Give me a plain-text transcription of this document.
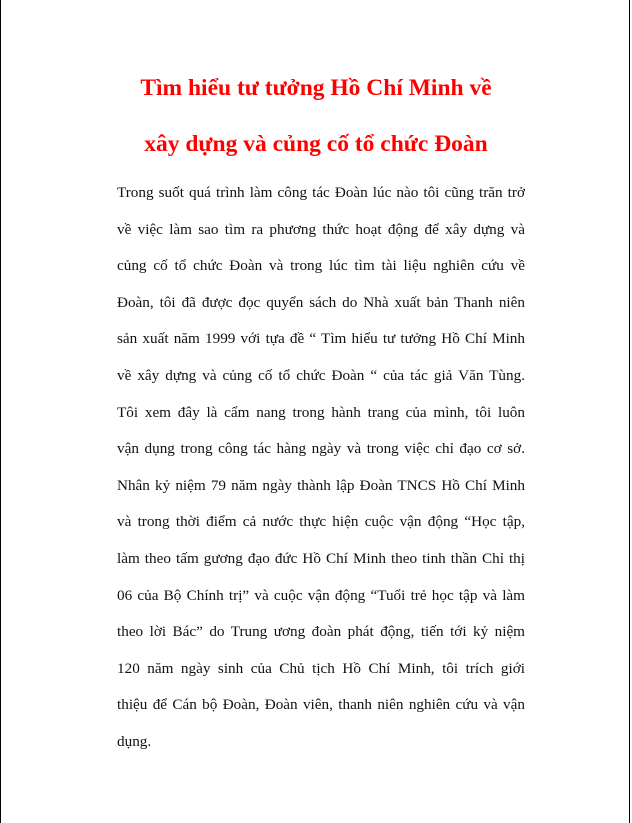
Tìm hiểu tư tưởng Hồ Chí Minh về
xây dựng và củng cố tổ chức Đoàn
Trong suốt quá trình làm công tác Đoàn lúc nào tôi cũng trăn trở
về việc làm sao tìm ra phương thức hoạt động để xây dựng và
củng cố tổ chức Đoàn và trong lúc tìm tài liệu nghiên cứu về
Đoàn, tôi đã được đọc quyển sách do Nhà xuất bản Thanh niên
sản xuất năm 1999 với tựa đề “ Tìm hiểu tư tưởng Hồ Chí Minh
về xây dựng và củng cố tổ chức Đoàn “ của tác giả Văn Tùng.
Tôi xem đây là cẩm nang trong hành trang của mình, tôi luôn
vận dụng trong công tác hàng ngày và trong việc chỉ đạo cơ sở.
Nhân kỷ niệm 79 năm ngày thành lập Đoàn TNCS Hồ Chí Minh
và trong thời điểm cả nước thực hiện cuộc vận động “Học tập,
làm theo tấm gương đạo đức Hồ Chí Minh theo tinh thần Chỉ thị
06 của Bộ Chính trị” và cuộc vận động “Tuổi trẻ học tập và làm
theo lời Bác” do Trung ương đoàn phát động, tiến tới kỷ niệm
120 năm ngày sinh của Chủ tịch Hồ Chí Minh, tôi trích giới
thiệu để Cán bộ Đoàn, Đoàn viên, thanh niên nghiên cứu và vận
dụng.
